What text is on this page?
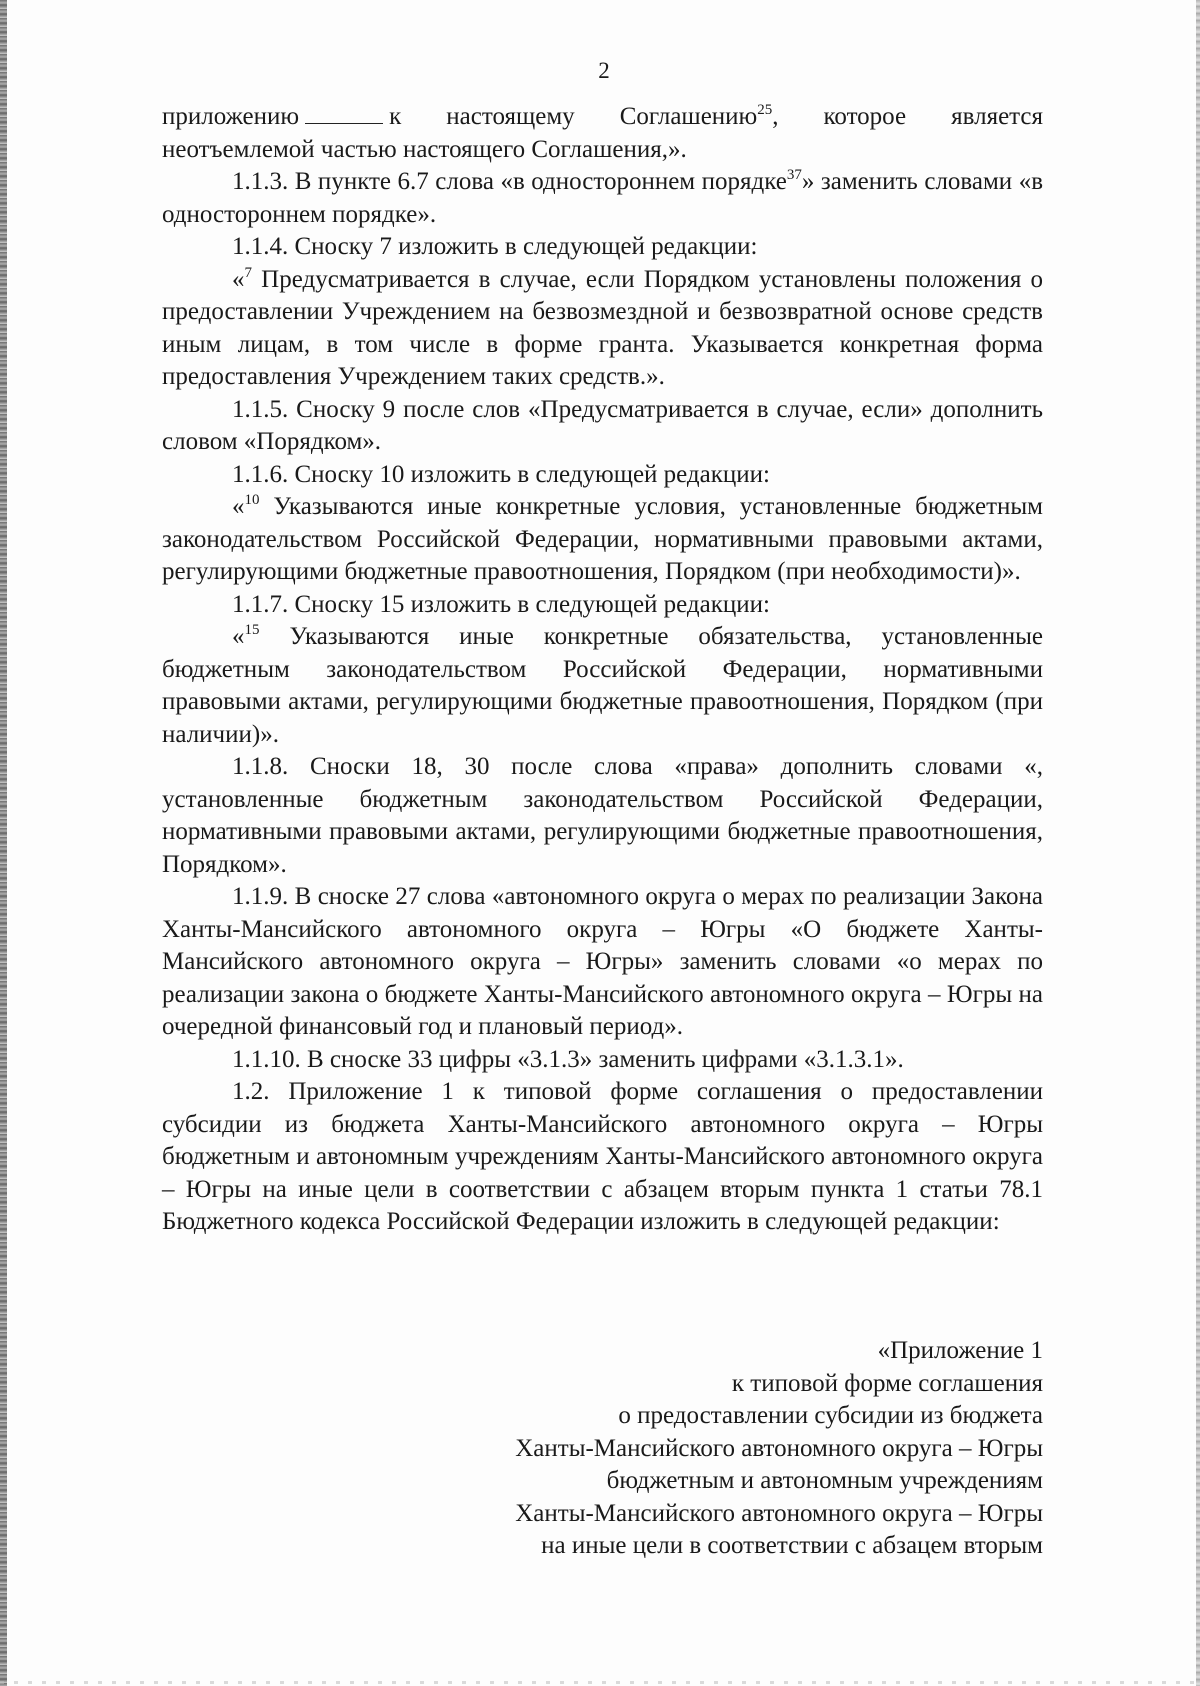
2

приложению	к настоящему Соглашению$^{25}$, которое является неотъемлемой частью настоящего Соглашения,».

1.1.3. В пункте 6.7 слова «в одностороннем порядке$^{37}$» заменить словами «в одностороннем порядке».

1.1.4. Сноску 7 изложить в следующей редакции:

«$^7$ Предусматривается в случае, если Порядком установлены положения о предоставлении Учреждением на безвозмездной и безвозвратной основе средств иным лицам, в том числе в форме гранта. Указывается конкретная форма предоставления Учреждением таких средств.».

1.1.5. Сноску 9 после слов «Предусматривается в случае, если» дополнить словом «Порядком».

1.1.6. Сноску 10 изложить в следующей редакции:

«$^{10}$ Указываются иные конкретные условия, установленные бюджетным законодательством Российской Федерации, нормативными правовыми актами, регулирующими бюджетные правоотношения, Порядком (при необходимости)».

1.1.7. Сноску 15 изложить в следующей редакции:

«$^{15}$ Указываются иные конкретные обязательства, установленные бюджетным законодательством Российской Федерации, нормативными правовыми актами, регулирующими бюджетные правоотношения, Порядком (при наличии)».

1.1.8. Сноски 18, 30 после слова «права» дополнить словами «, установленные бюджетным законодательством Российской Федерации, нормативными правовыми актами, регулирующими бюджетные правоотношения, Порядком».

1.1.9. В сноске 27 слова «автономного округа о мерах по реализации Закона Ханты-Мансийского автономного округа – Югры «О бюджете Ханты-Мансийского автономного округа – Югры» заменить словами «о мерах по реализации закона о бюджете Ханты-Мансийского автономного округа – Югры на очередной финансовый год и плановый период».

1.1.10. В сноске 33 цифры «3.1.3» заменить цифрами «3.1.3.1».

1.2. Приложение 1 к типовой форме соглашения о предоставлении субсидии из бюджета Ханты-Мансийского автономного округа – Югры бюджетным и автономным учреждениям Ханты-Мансийского автономного округа – Югры на иные цели в соответствии с абзацем вторым пункта 1 статьи 78.1 Бюджетного кодекса Российской Федерации изложить в следующей редакции:

«Приложение 1
к типовой форме соглашения
о предоставлении субсидии из бюджета
Ханты-Мансийского автономного округа – Югры
бюджетным и автономным учреждениям
Ханты-Мансийского автономного округа – Югры
на иные цели в соответствии с абзацем вторым
